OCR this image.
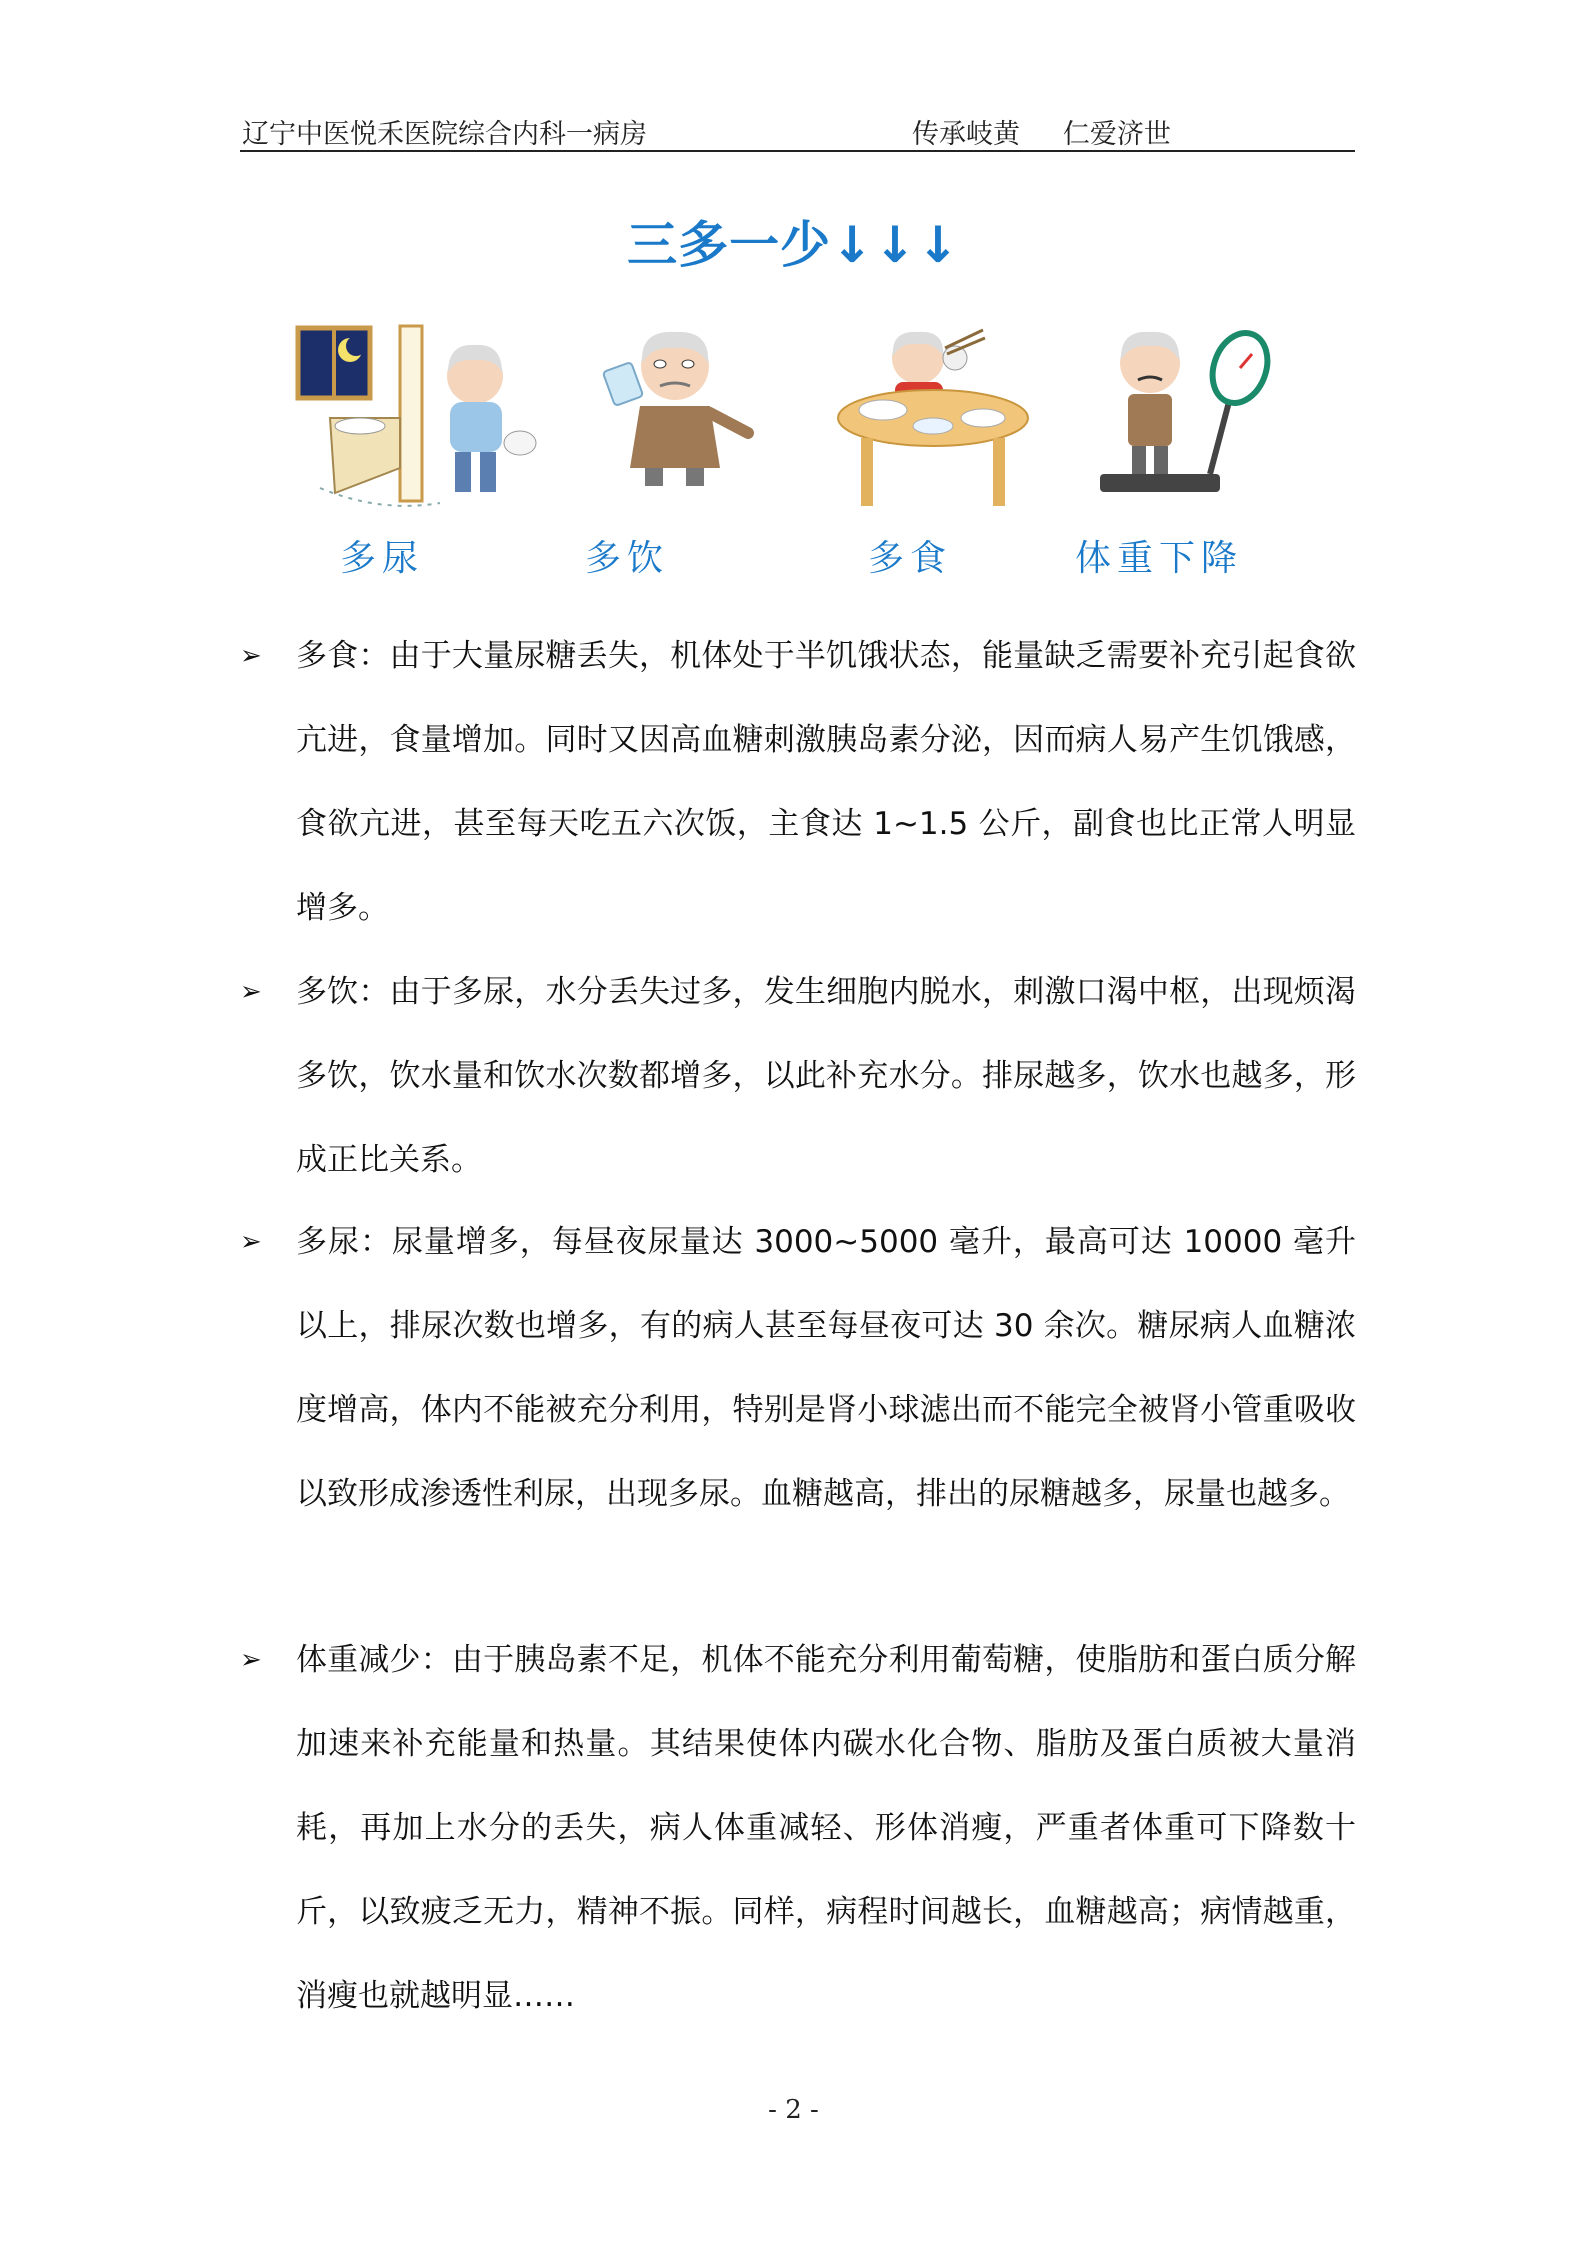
辽宁中医悦禾医院综合内科一病房	传承岐黄     仁爱济世
三多一少↓↓↓
多尿	多饮	多食	体重下降
➢ 多食：由于大量尿糖丢失，机体处于半饥饿状态，能量缺乏需要补充引起食欲亢进，食量增加。同时又因高血糖刺激胰岛素分泌，因而病人易产生饥饿感，食欲亢进，甚至每天吃五六次饭，主食达 1~1.5 公斤，副食也比正常人明显增多。
➢ 多饮：由于多尿，水分丢失过多，发生细胞内脱水，刺激口渴中枢，出现烦渴多饮，饮水量和饮水次数都增多，以此补充水分。排尿越多，饮水也越多，形成正比关系。
➢ 多尿：尿量增多，每昼夜尿量达 3000~5000 毫升，最高可达 10000 毫升以上，排尿次数也增多，有的病人甚至每昼夜可达 30 余次。糖尿病人血糖浓度增高，体内不能被充分利用，特别是肾小球滤出而不能完全被肾小管重吸收以致形成渗透性利尿，出现多尿。血糖越高，排出的尿糖越多，尿量也越多。
➢ 体重减少：由于胰岛素不足，机体不能充分利用葡萄糖，使脂肪和蛋白质分解加速来补充能量和热量。其结果使体内碳水化合物、脂肪及蛋白质被大量消耗，再加上水分的丢失，病人体重减轻、形体消瘦，严重者体重可下降数十斤，以致疲乏无力，精神不振。同样，病程时间越长，血糖越高；病情越重，消瘦也就越明显……
- 2 -
